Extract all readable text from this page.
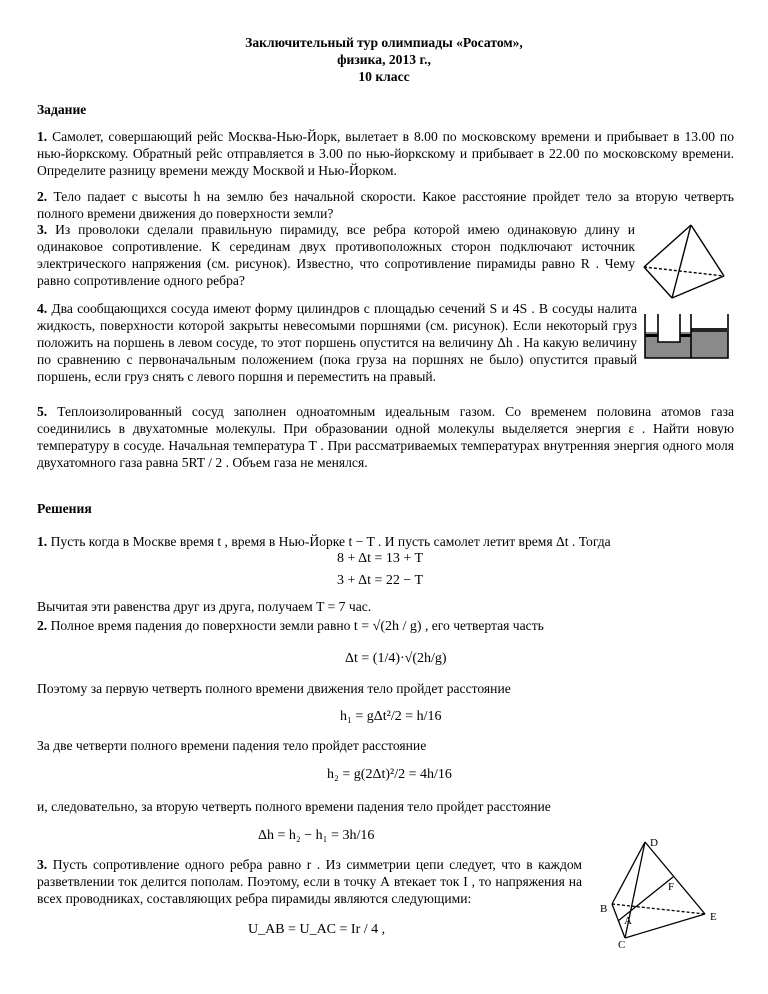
Заключительный тур олимпиады «Росатом»,
физика, 2013 г.,
10 класс
Задание
1. Самолет, совершающий рейс Москва-Нью-Йорк, вылетает в 8.00 по московскому времени и прибывает в 13.00 по нью-йоркскому. Обратный рейс отправляется в 3.00 по нью-йоркскому и прибывает в 22.00 по московскому времени. Определите разницу времени между Москвой и Нью-Йорком.
2. Тело падает с высоты h на землю без начальной скорости. Какое расстояние пройдет тело за вторую четверть полного времени движения до поверхности земли?
3. Из проволоки сделали правильную пирамиду, все ребра которой имею одинаковую длину и одинаковое сопротивление. К серединам двух противоположных сторон подключают источник электрического напряжения (см. рисунок). Известно, что сопротивление пирамиды равно R . Чему равно сопротивление одного ребра?
4. Два сообщающихся сосуда имеют форму цилиндров с площадью сечений S и 4S . В сосуды налита жидкость, поверхности которой закрыты невесомыми поршнями (см. рисунок). Если некоторый груз положить на поршень в левом сосуде, то этот поршень опустится на величину Δh . На какую величину по сравнению с первоначальным положением (пока груза на поршнях не было) опустится правый поршень, если груз снять с левого поршня и переместить на правый.
5. Теплоизолированный сосуд заполнен одноатомным идеальным газом. Со временем половина атомов газа соединились в двухатомные молекулы. При образовании одной молекулы выделяется энергия ε . Найти новую температуру в сосуде. Начальная температура T . При рассматриваемых температурах внутренняя энергия одного моля двухатомного газа равна 5RT / 2 . Объем газа не менялся.
Решения
1. Пусть когда в Москве время t , время в Нью-Йорке t − T . И пусть самолет летит время Δt . Тогда
8 + Δt = 13 + T
3 + Δt = 22 − T
Вычитая эти равенства друг из друга, получаем T = 7 час.
2. Полное время падения до поверхности земли равно t = √(2h / g) , его четвертая часть
Δt = (1/4)·√(2h/g)
Поэтому за первую четверть полного времени движения тело пройдет расстояние
h₁ = gΔt²/2 = h/16
За две четверти полного времени падения тело пройдет расстояние
h₂ = g(2Δt)²/2 = 4h/16
и, следовательно, за вторую четверть полного времени падения тело пройдет расстояние
Δh = h₂ − h₁ = 3h/16
3. Пусть сопротивление одного ребра равно r . Из симметрии цепи следует, что в каждом разветвлении ток делится пополам. Поэтому, если в точку А втекает ток I , то напряжения на всех проводниках, составляющих ребра пирамиды являются следующими:
U_AB = U_AC = Ir / 4 ,
D
F
B
A	E
C
